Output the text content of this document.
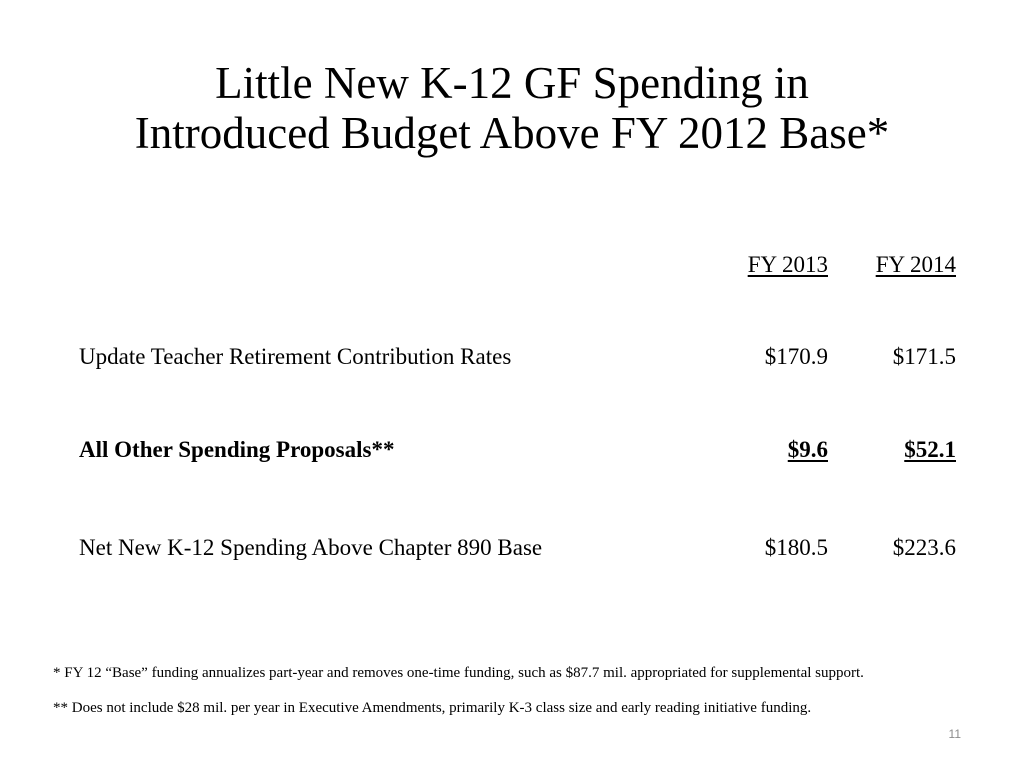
Little New K-12 GF Spending in
Introduced Budget Above FY 2012 Base*
FY 2013	FY 2014
Update Teacher Retirement Contribution Rates	$170.9	$171.5
All Other Spending Proposals**	$9.6	$52.1
Net New K-12 Spending Above Chapter 890 Base	$180.5	$223.6
* FY 12 “Base” funding annualizes part-year and removes one-time funding, such as $87.7 mil. appropriated for supplemental support.
** Does not include $28 mil. per year in Executive Amendments, primarily K-3 class size and early reading initiative funding.
11
